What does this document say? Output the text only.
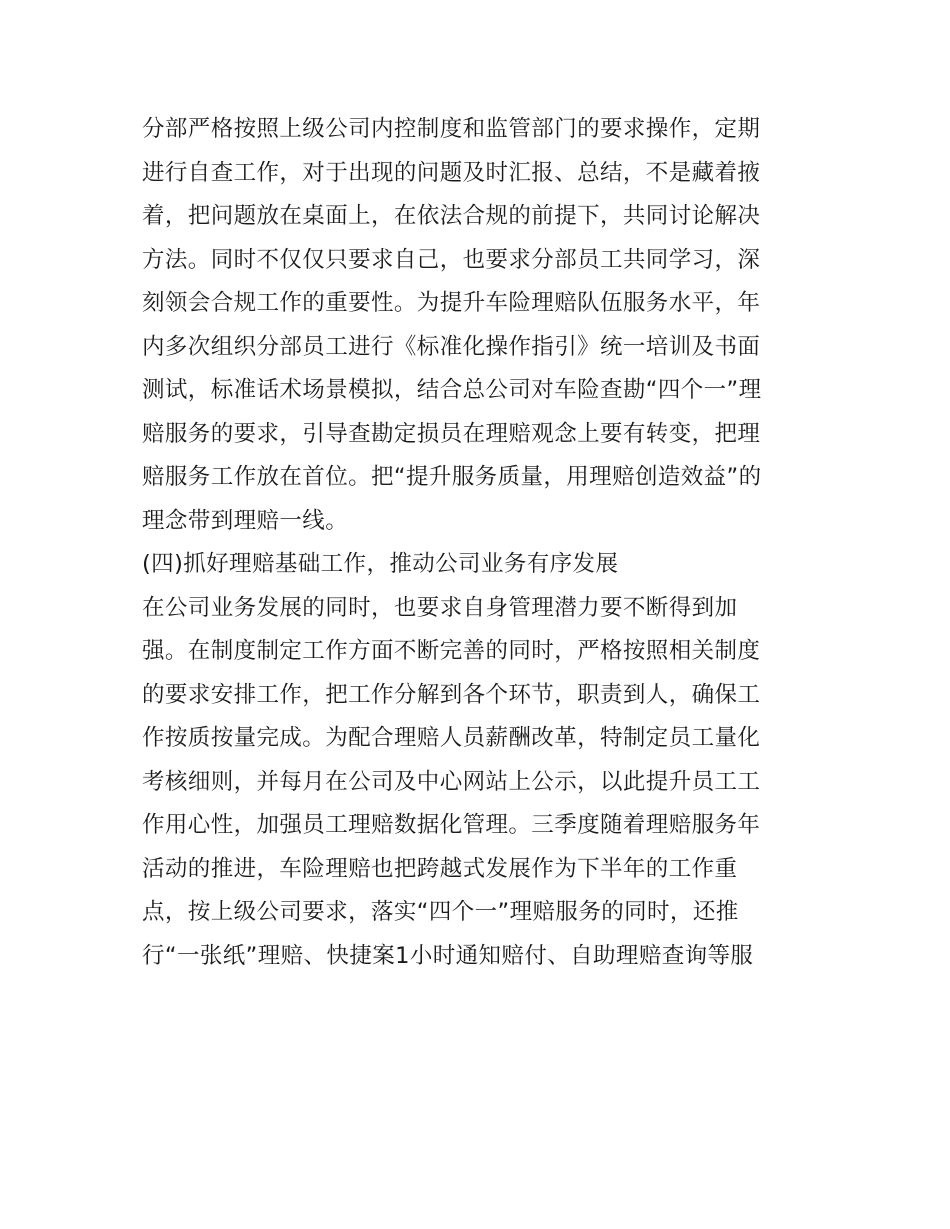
分部严格按照上级公司内控制度和监管部门的要求操作，定期
进行自查工作，对于出现的问题及时汇报、总结，不是藏着掖
着，把问题放在桌面上，在依法合规的前提下，共同讨论解决
方法。同时不仅仅只要求自己，也要求分部员工共同学习，深
刻领会合规工作的重要性。为提升车险理赔队伍服务水平，年
内多次组织分部员工进行《标准化操作指引》统一培训及书面
测试，标准话术场景模拟，结合总公司对车险查勘“四个一”理
赔服务的要求，引导查勘定损员在理赔观念上要有转变，把理
赔服务工作放在首位。把“提升服务质量，用理赔创造效益”的
理念带到理赔一线。
(四)抓好理赔基础工作，推动公司业务有序发展
在公司业务发展的同时，也要求自身管理潜力要不断得到加
强。在制度制定工作方面不断完善的同时，严格按照相关制度
的要求安排工作，把工作分解到各个环节，职责到人，确保工
作按质按量完成。为配合理赔人员薪酬改革，特制定员工量化
考核细则，并每月在公司及中心网站上公示，以此提升员工工
作用心性，加强员工理赔数据化管理。三季度随着理赔服务年
活动的推进，车险理赔也把跨越式发展作为下半年的工作重
点，按上级公司要求，落实“四个一”理赔服务的同时，还推
行“一张纸”理赔、快捷案1小时通知赔付、自助理赔查询等服
